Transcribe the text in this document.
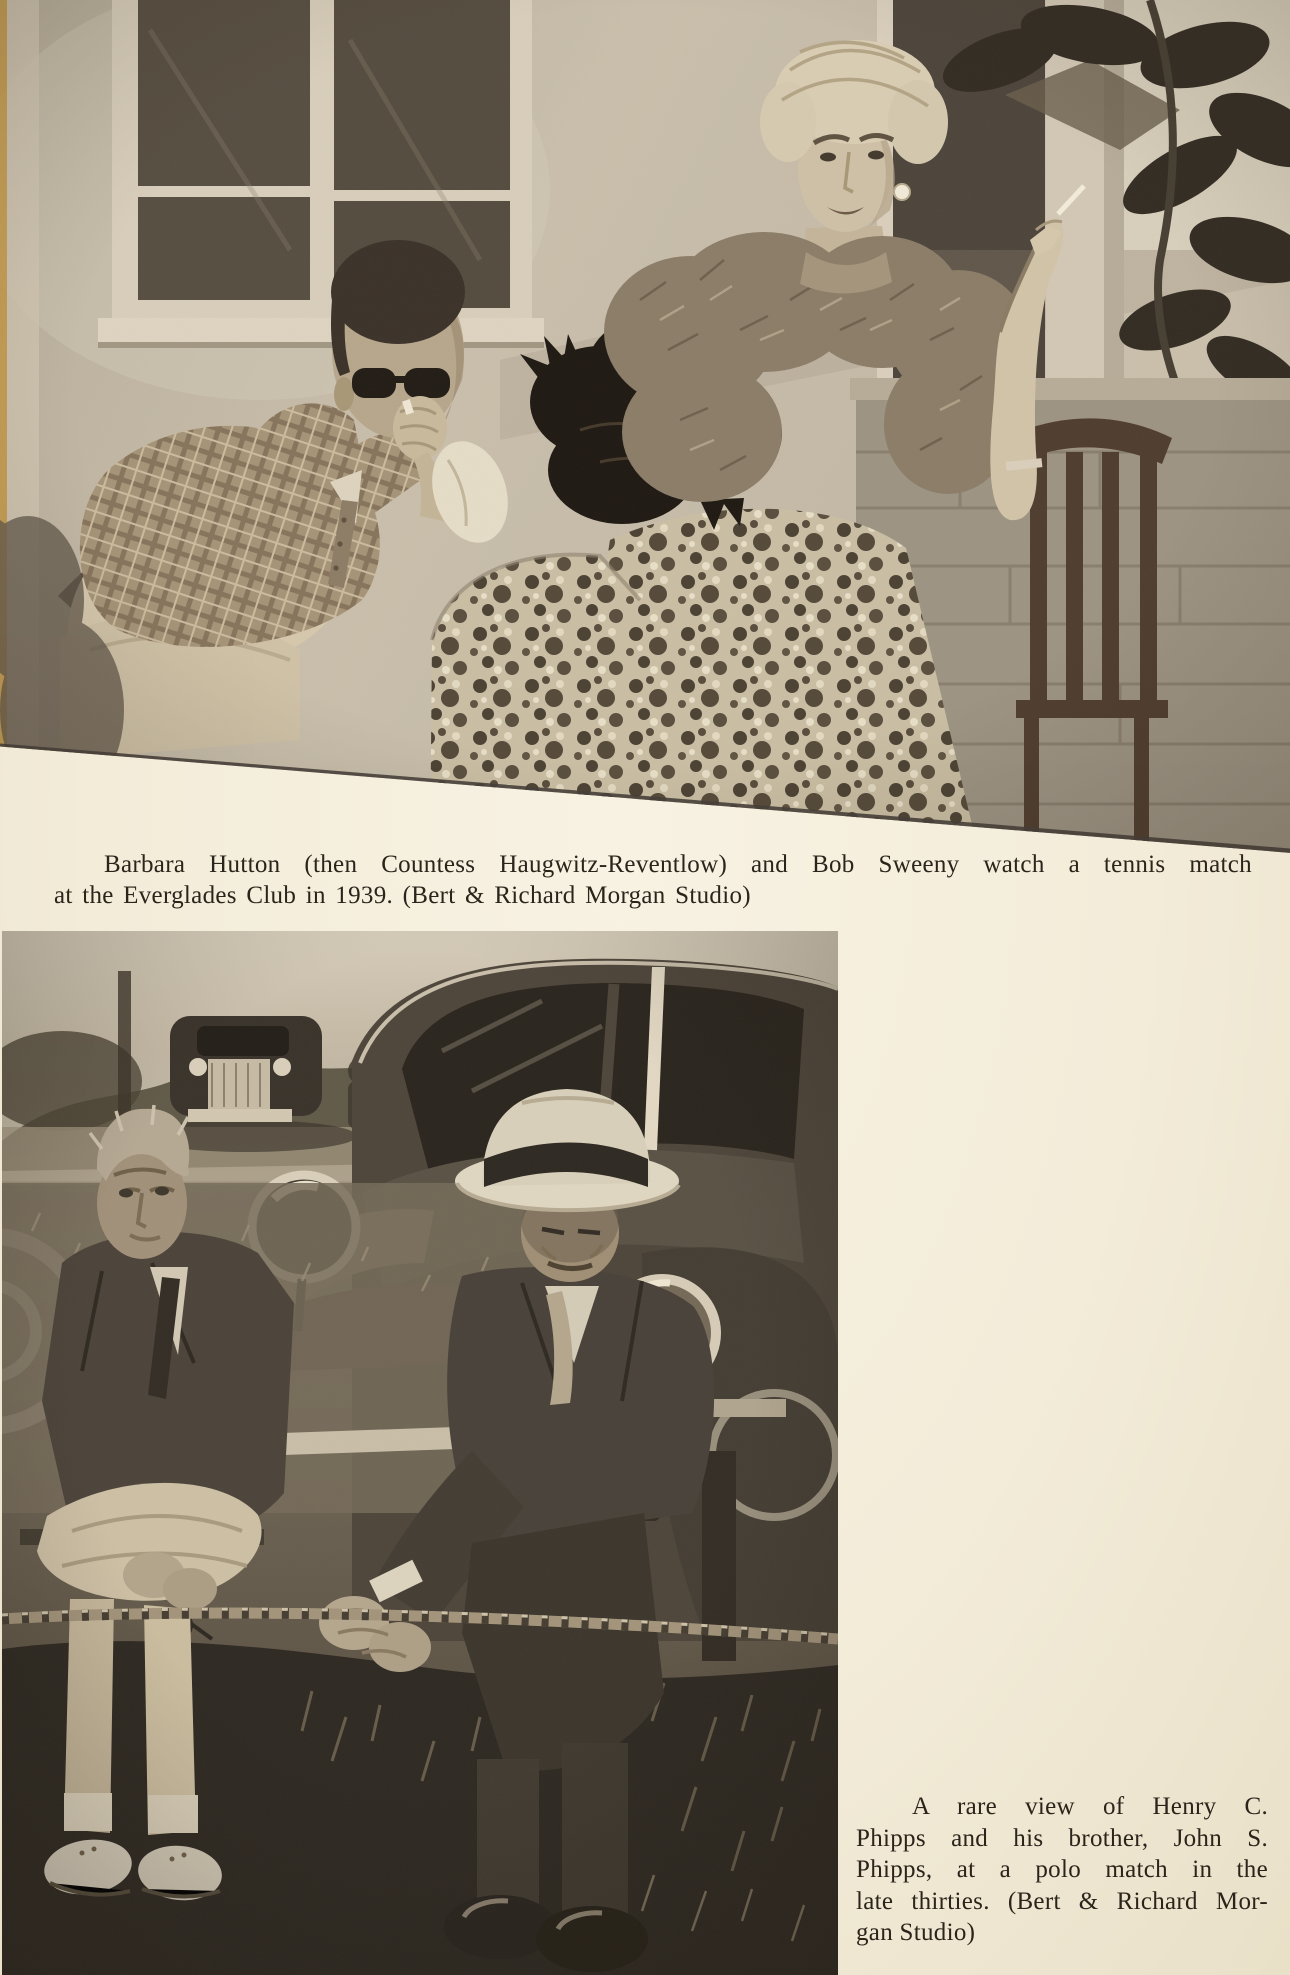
Barbara Hutton (then Countess Haugwitz-Reventlow) and Bob Sweeny watch a tennis match
at the Everglades Club in 1939. (Bert & Richard Morgan Studio)

A rare view of Henry C.
Phipps and his brother, John S.
Phipps, at a polo match in the
late thirties. (Bert & Richard Mor-
gan Studio)
